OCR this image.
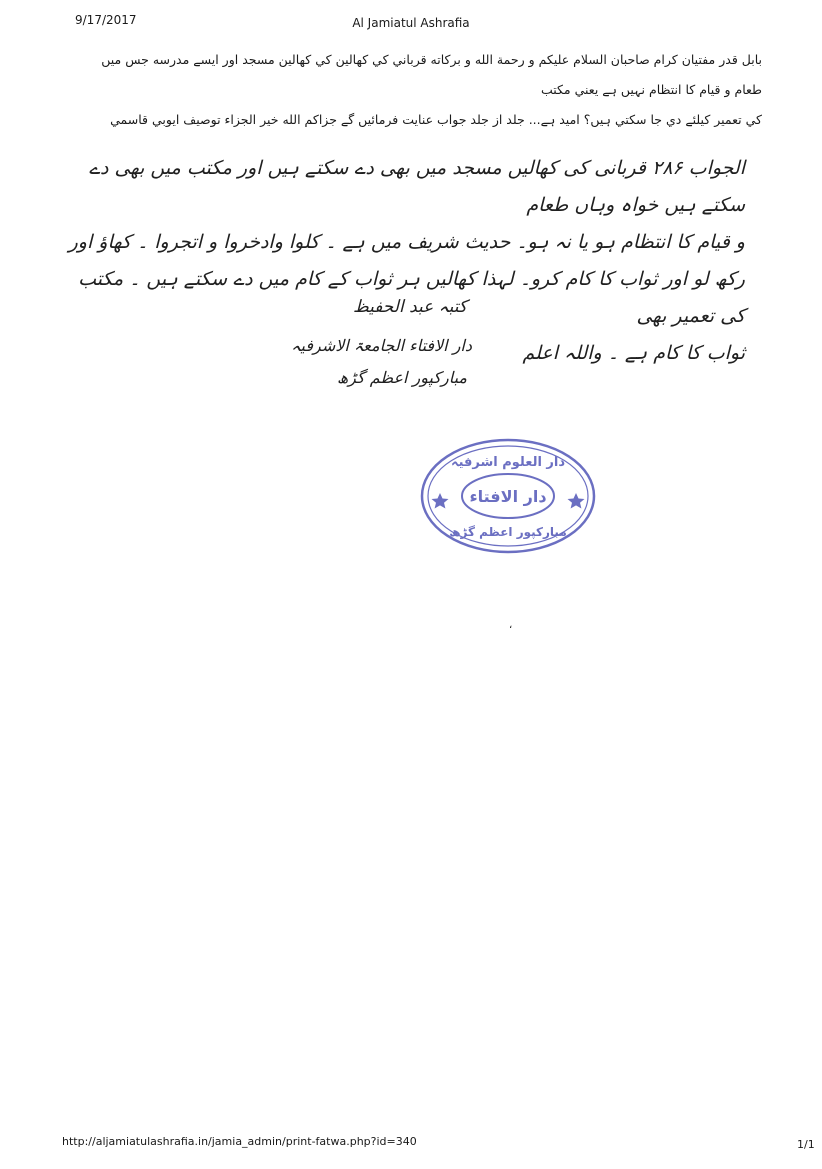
9/17/2017	Al Jamiatul Ashrafia
بابل قدر مفتيان كرام صاحبان السلام عليكم و رحمة الله و بركاته قرباني كي كهالين كي كهالين مسجد اور ايسے مدرسه جس ميں طعام و قيام كا انتظام نہيں ہے يعني مكتب
كي تعمير كيلئے دي جا سكتي ہيں؟ اميد ہے... جلد از جلد جواب عنايت فرمائيں گے جزاكم الله خير الجزاء توصيف ايوبي قاسمي
الجواب ۲۸۶ قربانی کی کھالیں مسجد میں بھی دے سکتے ہیں اور مکتب میں بھی دے سکتے ہیں خواہ وہاں طعام
و قیام کا انتظام ہو یا نہ ہو۔ حدیث شریف میں ہے ۔ کلوا وادخروا و اتجروا ۔ کھاؤ اور
رکھ لو اور ثواب کا کام کرو۔ لہذا کھالیں ہر ثواب کے کام میں دے سکتے ہیں ۔ مکتب کی تعمیر بھی
ثواب کا کام ہے ۔ واللہ اعلم
کتبہ عبد الحفیظ
دار الافتاء الجامعۃ الاشرفیہ
مبارکپور اعظم گڑھ
دار العلوم اشرفیہ
دار الافتاء
مبارکپور اعظم گڑھ
،
http://aljamiatulashrafia.in/jamia_admin/print-fatwa.php?id=340	1/1
